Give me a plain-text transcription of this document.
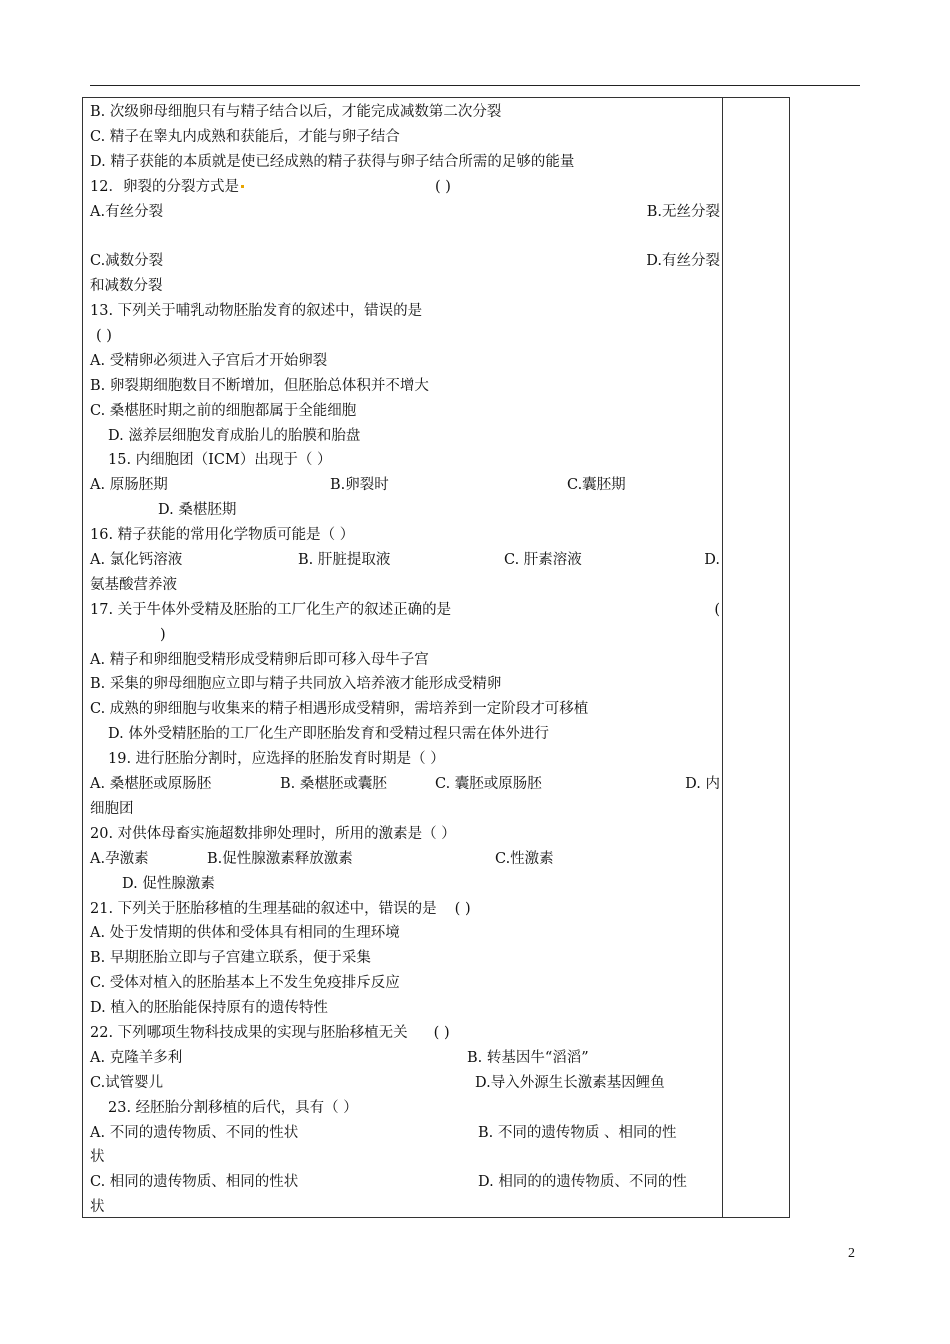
B. 次级卵母细胞只有与精子结合以后，才能完成减数第二次分裂
C. 精子在睾丸内成熟和获能后，才能与卵子结合
D. 精子获能的本质就是使已经成熟的精子获得与卵子结合所需的足够的能量
12．卵裂的分裂方式是	( )
A.有丝分裂	B.无丝分裂
C.减数分裂	D.有丝分裂
和减数分裂
13. 下列关于哺乳动物胚胎发育的叙述中，错误的是
( )
A. 受精卵必须进入子宫后才开始卵裂
B. 卵裂期细胞数目不断增加，但胚胎总体积并不增大
C. 桑椹胚时期之前的细胞都属于全能细胞
D. 滋养层细胞发育成胎儿的胎膜和胎盘
15. 内细胞团（ICM）出现于（ ）
A. 原肠胚期	B.卵裂时	C.囊胚期
D. 桑椹胚期
16. 精子获能的常用化学物质可能是（ ）
A. 氯化钙溶液	B. 肝脏提取液	C. 肝素溶液	D.
氨基酸营养液
17. 关于牛体外受精及胚胎的工厂化生产的叙述正确的是	(
)
A. 精子和卵细胞受精形成受精卵后即可移入母牛子宫
B. 采集的卵母细胞应立即与精子共同放入培养液才能形成受精卵
C. 成熟的卵细胞与收集来的精子相遇形成受精卵，需培养到一定阶段才可移植
D. 体外受精胚胎的工厂化生产即胚胎发育和受精过程只需在体外进行
19. 进行胚胎分割时，应选择的胚胎发育时期是（ ）
A. 桑椹胚或原肠胚	B. 桑椹胚或囊胚	C. 囊胚或原肠胚	D. 内
细胞团
20. 对供体母畜实施超数排卵处理时，所用的激素是（ ）
A.孕激素	B.促性腺激素释放激素	C.性激素
D. 促性腺激素
21. 下列关于胚胎移植的生理基础的叙述中，错误的是 ( )
A. 处于发情期的供体和受体具有相同的生理环境
B. 早期胚胎立即与子宫建立联系，便于采集
C. 受体对植入的胚胎基本上不发生免疫排斥反应
D. 植入的胚胎能保持原有的遗传特性
22. 下列哪项生物科技成果的实现与胚胎移植无关 ( )
A. 克隆羊多利	B. 转基因牛“滔滔”
C.试管婴儿	D.导入外源生长激素基因鲤鱼
23. 经胚胎分割移植的后代，具有（ ）
A. 不同的遗传物质、不同的性状	B. 不同的遗传物质 、相同的性
状
C. 相同的遗传物质、相同的性状	D. 相同的的遗传物质、不同的性
状
2
